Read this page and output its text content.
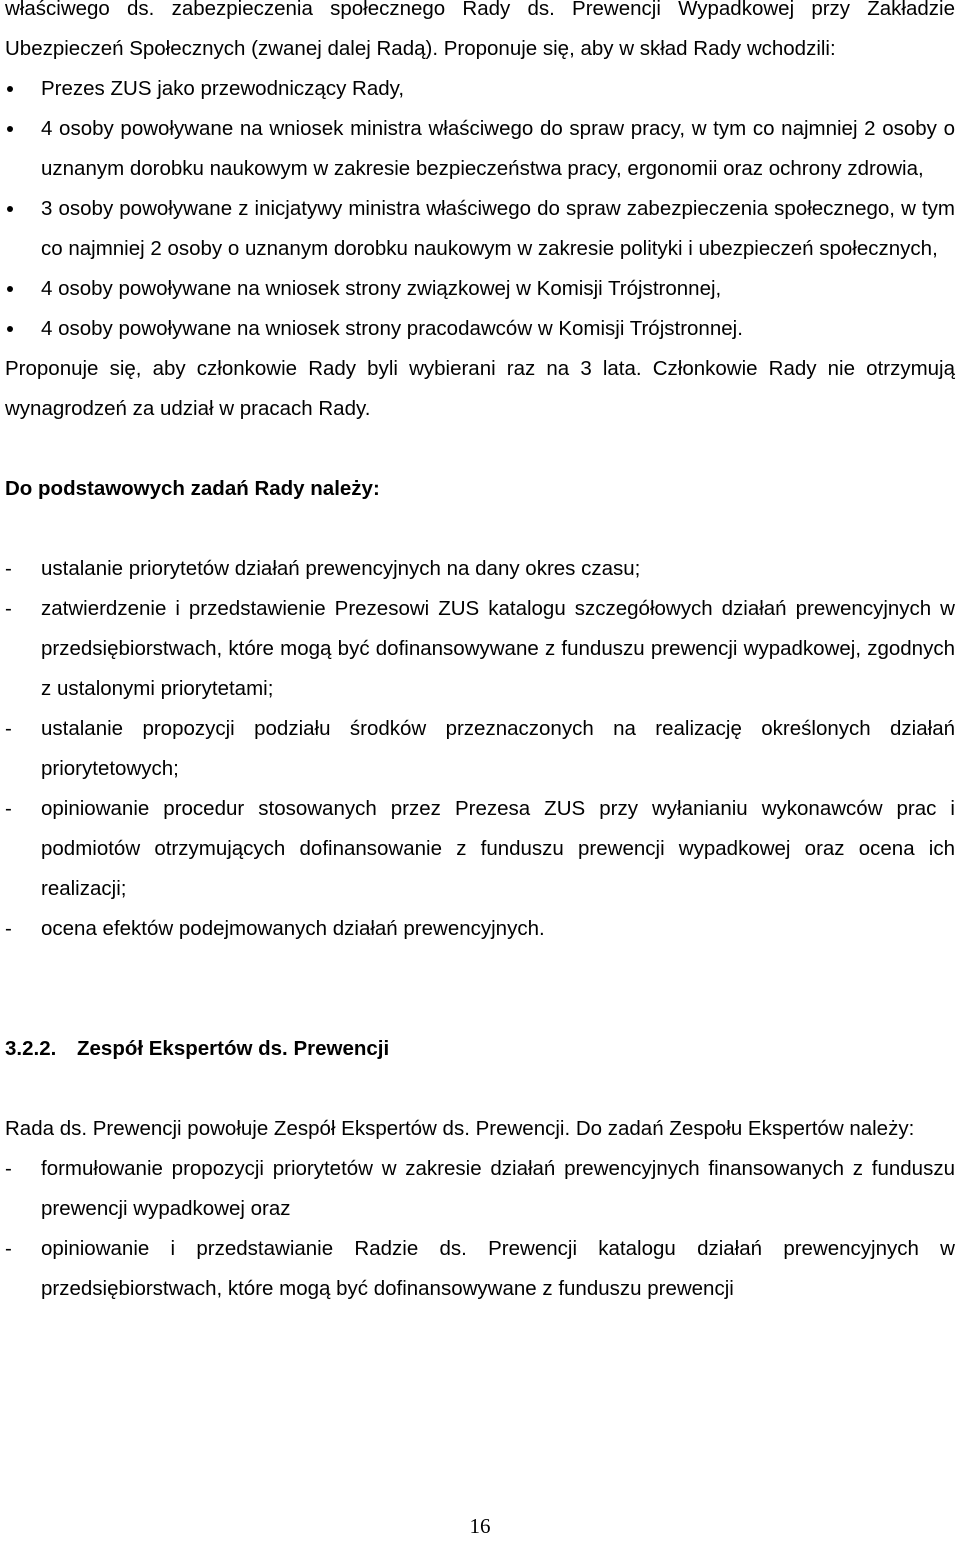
właściwego ds. zabezpieczenia społecznego Rady ds. Prewencji Wypadkowej przy Zakładzie Ubezpieczeń Społecznych (zwanej dalej Radą). Proponuje się, aby w skład Rady wchodzili:

Prezes ZUS jako przewodniczący Rady,
4 osoby powoływane na wniosek ministra właściwego do spraw pracy, w tym co najmniej 2 osoby o uznanym dorobku naukowym w zakresie bezpieczeństwa pracy, ergonomii oraz ochrony zdrowia,
3 osoby powoływane z inicjatywy ministra właściwego do spraw zabezpieczenia społecznego, w tym co najmniej 2 osoby o uznanym dorobku naukowym w zakresie polityki i ubezpieczeń społecznych,
4 osoby powoływane na wniosek strony związkowej w Komisji Trójstronnej,
4 osoby powoływane na wniosek strony pracodawców w Komisji Trójstronnej.

Proponuje się, aby członkowie Rady byli wybierani raz na 3 lata. Członkowie Rady nie otrzymują wynagrodzeń za udział w pracach Rady.

Do podstawowych zadań Rady należy:

- ustalanie priorytetów działań prewencyjnych na dany okres czasu;
- zatwierdzenie i przedstawienie Prezesowi ZUS katalogu szczegółowych działań prewencyjnych w przedsiębiorstwach, które mogą być dofinansowywane z funduszu prewencji wypadkowej, zgodnych z ustalonymi priorytetami;
- ustalanie propozycji podziału środków przeznaczonych na realizację określonych działań priorytetowych;
- opiniowanie procedur stosowanych przez Prezesa ZUS przy wyłanianiu wykonawców prac i podmiotów otrzymujących dofinansowanie z funduszu prewencji wypadkowej oraz ocena ich realizacji;
- ocena efektów podejmowanych działań prewencyjnych.

3.2.2. Zespół Ekspertów ds. Prewencji

Rada ds. Prewencji powołuje Zespół Ekspertów ds. Prewencji. Do zadań Zespołu Ekspertów należy:

- formułowanie propozycji priorytetów w zakresie działań prewencyjnych finansowanych z funduszu prewencji wypadkowej oraz
- opiniowanie i przedstawianie Radzie ds. Prewencji katalogu działań prewencyjnych w przedsiębiorstwach, które mogą być dofinansowywane z funduszu prewencji
16
